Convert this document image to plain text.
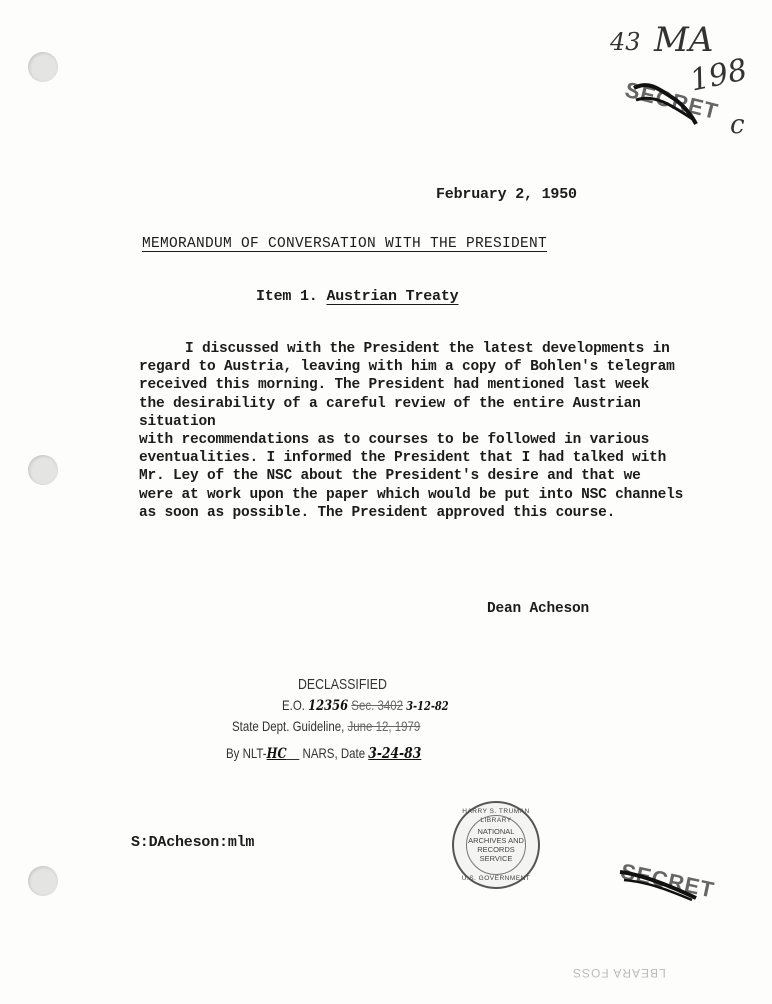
43 MA
198
SECRET
c
February 2, 1950
MEMORANDUM OF CONVERSATION WITH THE PRESIDENT
Item 1. Austrian Treaty
I discussed with the President the latest developments in
regard to Austria, leaving with him a copy of Bohlen's telegram
received this morning. The President had mentioned last week
the desirability of a careful review of the entire Austrian situation
with recommendations as to courses to be followed in various
eventualities. I informed the President that I had talked with
Mr. Ley of the NSC about the President's desire and that we
were at work upon the paper which would be put into NSC channels
as soon as possible. The President approved this course.
Dean Acheson
DECLASSIFIED
E.O. 12356 Sec. 3402 3-12-82
State Dept. Guideline, June 12, 1979
By NLT-HC NARS, Date 3-24-83
HARRY S. TRUMAN LIBRARY
NATIONAL
ARCHIVES AND
RECORDS
SERVICE
U.S. GOVERNMENT
S:DAcheson:mlm
SECRET
LBEARA FOSS
